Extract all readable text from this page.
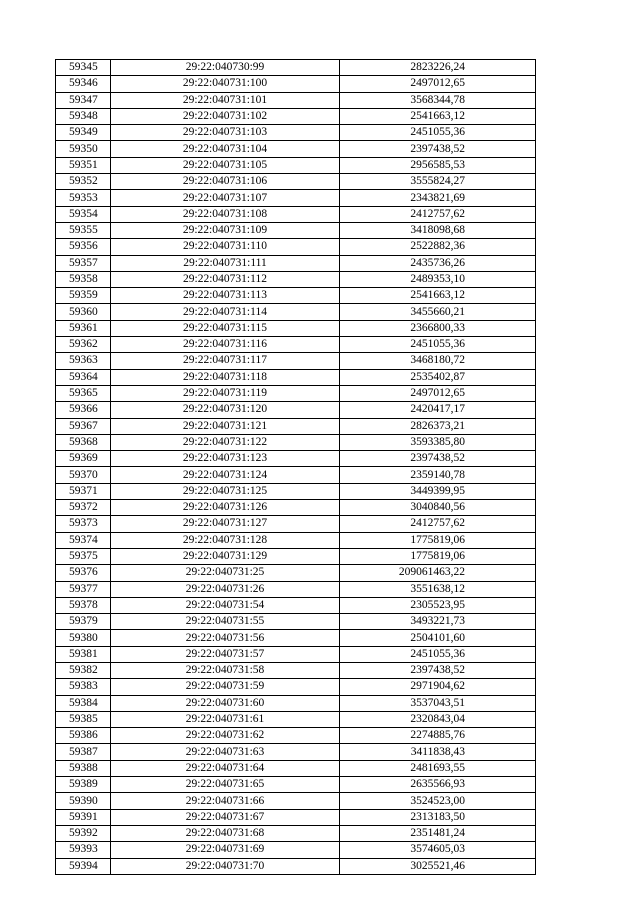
59345	29:22:040730:99	2823226,24
59346	29:22:040731:100	2497012,65
59347	29:22:040731:101	3568344,78
59348	29:22:040731:102	2541663,12
59349	29:22:040731:103	2451055,36
59350	29:22:040731:104	2397438,52
59351	29:22:040731:105	2956585,53
59352	29:22:040731:106	3555824,27
59353	29:22:040731:107	2343821,69
59354	29:22:040731:108	2412757,62
59355	29:22:040731:109	3418098,68
59356	29:22:040731:110	2522882,36
59357	29:22:040731:111	2435736,26
59358	29:22:040731:112	2489353,10
59359	29:22:040731:113	2541663,12
59360	29:22:040731:114	3455660,21
59361	29:22:040731:115	2366800,33
59362	29:22:040731:116	2451055,36
59363	29:22:040731:117	3468180,72
59364	29:22:040731:118	2535402,87
59365	29:22:040731:119	2497012,65
59366	29:22:040731:120	2420417,17
59367	29:22:040731:121	2826373,21
59368	29:22:040731:122	3593385,80
59369	29:22:040731:123	2397438,52
59370	29:22:040731:124	2359140,78
59371	29:22:040731:125	3449399,95
59372	29:22:040731:126	3040840,56
59373	29:22:040731:127	2412757,62
59374	29:22:040731:128	1775819,06
59375	29:22:040731:129	1775819,06
59376	29:22:040731:25	209061463,22
59377	29:22:040731:26	3551638,12
59378	29:22:040731:54	2305523,95
59379	29:22:040731:55	3493221,73
59380	29:22:040731:56	2504101,60
59381	29:22:040731:57	2451055,36
59382	29:22:040731:58	2397438,52
59383	29:22:040731:59	2971904,62
59384	29:22:040731:60	3537043,51
59385	29:22:040731:61	2320843,04
59386	29:22:040731:62	2274885,76
59387	29:22:040731:63	3411838,43
59388	29:22:040731:64	2481693,55
59389	29:22:040731:65	2635566,93
59390	29:22:040731:66	3524523,00
59391	29:22:040731:67	2313183,50
59392	29:22:040731:68	2351481,24
59393	29:22:040731:69	3574605,03
59394	29:22:040731:70	3025521,46
